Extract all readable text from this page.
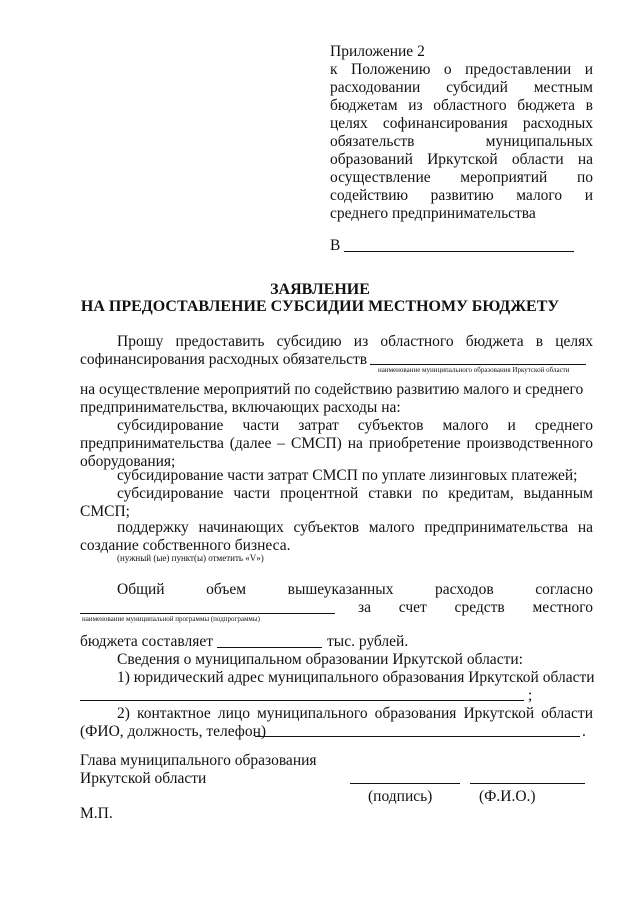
Приложение 2
к Положению о предоставлении и
расходовании субсидий местным
бюджетам из областного бюджета в
целях софинансирования расходных
обязательств муниципальных
образований Иркутской области на
осуществление мероприятий по
содействию развитию малого и
среднего предпринимательства
В
ЗАЯВЛЕНИЕ
НА ПРЕДОСТАВЛЕНИЕ СУБСИДИИ МЕСТНОМУ БЮДЖЕТУ
Прошу предоставить субсидию из областного бюджета в целях
софинансирования расходных обязательств
наименование муниципального образования Иркутской области
на осуществление мероприятий по содействию развитию малого и среднего
предпринимательства, включающих расходы на:
субсидирование части затрат субъектов малого и среднего
предпринимательства (далее – СМСП) на приобретение производственного
оборудования;
субсидирование части затрат СМСП по уплате лизинговых платежей;
субсидирование части процентной ставки по кредитам, выданным
СМСП;
поддержку начинающих субъектов малого предпринимательства на
создание собственного бизнеса.
(нужный (ые) пункт(ы) отметить «V»)
Общий объем вышеуказанных расходов согласно
за счет средств местного
наименование муниципальной программы (подпрограммы)
бюджета составляет	тыс. рублей.
Сведения о муниципальном образовании Иркутской области:
1) юридический адрес муниципального образования Иркутской области
;
2) контактное лицо муниципального образования Иркутской области
(ФИО, должность, телефон)	.
Глава муниципального образования
Иркутской области
(подпись)	(Ф.И.О.)
М.П.
